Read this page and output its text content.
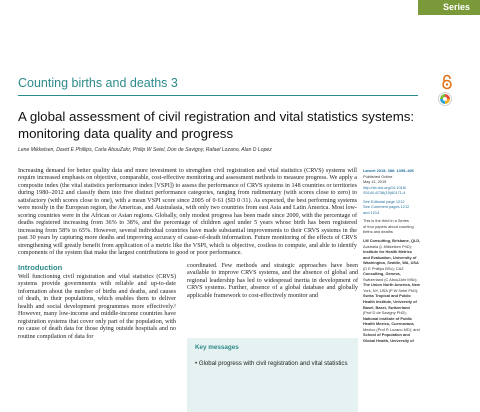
Series
Counting births and deaths 3
A global assessment of civil registration and vital statistics systems: monitoring data quality and progress
Lene Mikkelsen, David E Phillips, Carla AbouZahr, Philip W Setel, Don de Savigny, Rafael Lozano, Alan D Lopez
Increasing demand for better quality data and more investment to strengthen civil registration and vital statistics (CRVS) systems will require increased emphasis on objective, comparable, cost-effective monitoring and assessment methods to measure progress. We apply a composite index (the vital statistics performance index [VSPI]) to assess the performance of CRVS systems in 148 countries or territories during 1980–2012 and classify them into five distinct performance categories, ranging from rudimentary (with scores close to zero) to satisfactory (with scores close to one), with a mean VSPI score since 2005 of 0·61 (SD 0·31). As expected, the best performing systems were mostly in the European region, the Americas, and Australasia, with only two countries from east Asia and Latin America. Most low-scoring countries were in the African or Asian regions. Globally, only modest progress has been made since 2000, with the percentage of deaths registered increasing from 36% to 38%, and the percentage of children aged under 5 years whose birth has been registered increasing from 58% to 65%. However, several individual countries have made substantial improvements to their CRVS systems in the past 30 years by capturing more deaths and improving accuracy of cause-of-death information. Future monitoring of the effects of CRVS strengthening will greatly benefit from application of a metric like the VSPI, which is objective, costless to compute, and able to identify components of the system that make the largest contributions to good or poor performance.
Lancet 2015; 386: 1395–406
Published Online
May 11, 2015
http://dx.doi.org/10.1016/
S0140-6736(15)60171-4
See Editorial page 1212
See Comment pages 1212
and 1214
This is the third in a Series
of four papers about counting
births and deaths
LM Consulting, Brisbane, QLD,
Australia (L Mikkelsen PhD);
Institute for Health Metrics
and Evaluation, University of
Washington, Seattle, WA, USA
(D E Phillips BSc); CAZ
Consulting, Geneva,
Switzerland (C AbouZahr MSc);
The Union North America, New
York, NY, USA (P W Setel PhD);
Swiss Tropical and Public
Health Institute, University of
Basel, Basel, Switzerland
(Prof D de Savigny PhD);
National Institute of Public
Health Mexico, Cuernavaca,
Mexico (Prof R Lozano MD); and
School of Population and
Global Health, University of
Introduction
Well functioning civil registration and vital statistics (CRVS) systems provide governments with reliable and up-to-date information about the number of births and deaths, and causes of death, in their populations, which enables them to deliver health and social development programmes more effectively.¹ However, many low-income and middle-income countries have registration systems that cover only part of the population, with no cause of death data for those dying outside hospitals and no routine compilation of data for
coordinated. Few methods and strategic approaches have been available to improve CRVS systems, and the absence of global and regional leadership has led to widespread inertia in development of CRVS systems. Further, absence of a global database and globally applicable framework to cost-effectively monitor and
Key messages
• Global progress with civil registration and vital statistics
